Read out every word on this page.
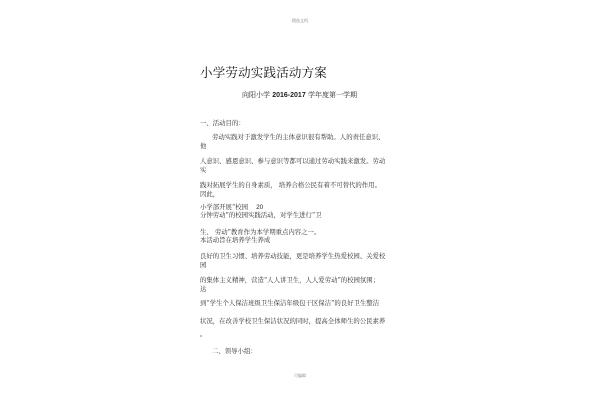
精选文档
小学劳动实践活动方案
向阳小学 2016-2017 学年度第一学期
一、活动目的：
劳动实践对于激发学生的主体意识很有帮助。人的责任意识、
他
人意识、感恩意识、参与意识等都可以通过劳动实践来激发。劳动
实
践对拓展学生的自身素质， 培养合格公民有着不可替代的作用。
因此，
小学部开展“校园 20
分钟劳动”的校园实践活动，对学生进行“卫
生、 劳动”教育作为本学期重点内容之一。
本活动旨在培养学生养成
良好的卫生习惯、培养劳动技能，更是培养学生热爱校园、关爱校
园
的集体主义精神，营造“人人讲卫生，人人爱劳动”的校园氛围；
达
到“学生个人保洁班级卫生保洁年级包干区保洁”的良好卫生整洁
状况，在改善学校卫生保洁状况的同时，提高全体师生的公民素养
。
二、领导小组：
可编辑
